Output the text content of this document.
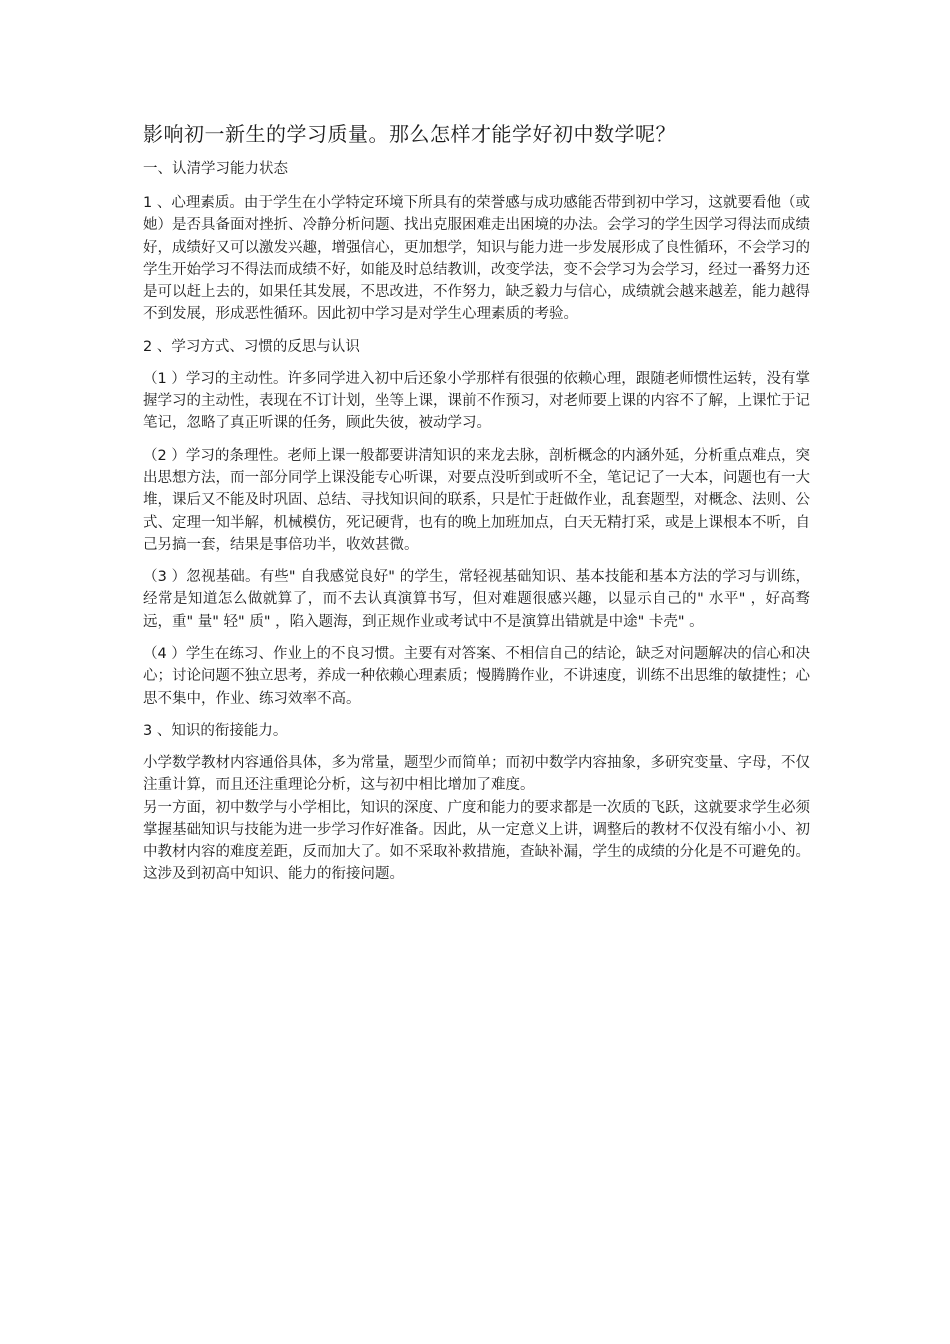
影响初一新生的学习质量。那么怎样才能学好初中数学呢？
一、认清学习能力状态
1 、心理素质。由于学生在小学特定环境下所具有的荣誉感与成功感能否带到初中学习，这就要看他（或她）是否具备面对挫折、冷静分析问题、找出克服困难走出困境的办法。会学习的学生因学习得法而成绩好，成绩好又可以激发兴趣，增强信心，更加想学，知识与能力进一步发展形成了良性循环，不会学习的学生开始学习不得法而成绩不好，如能及时总结教训，改变学法，变不会学习为会学习，经过一番努力还是可以赶上去的，如果任其发展，不思改进，不作努力，缺乏毅力与信心，成绩就会越来越差，能力越得不到发展，形成恶性循环。因此初中学习是对学生心理素质的考验。
2 、学习方式、习惯的反思与认识
（1 ）学习的主动性。许多同学进入初中后还象小学那样有很强的依赖心理，跟随老师惯性运转，没有掌握学习的主动性，表现在不订计划，坐等上课，课前不作预习，对老师要上课的内容不了解，上课忙于记笔记，忽略了真正听课的任务，顾此失彼，被动学习。
（2 ）学习的条理性。老师上课一般都要讲清知识的来龙去脉，剖析概念的内涵外延，分析重点难点，突出思想方法，而一部分同学上课没能专心听课，对要点没听到或听不全，笔记记了一大本，问题也有一大堆，课后又不能及时巩固、总结、寻找知识间的联系，只是忙于赶做作业，乱套题型，对概念、法则、公式、定理一知半解，机械模仿，死记硬背，也有的晚上加班加点，白天无精打采，或是上课根本不听，自己另搞一套，结果是事倍功半，收效甚微。
（3 ）忽视基础。有些" 自我感觉良好" 的学生，常轻视基础知识、基本技能和基本方法的学习与训练，经常是知道怎么做就算了，而不去认真演算书写，但对难题很感兴趣，以显示自己的" 水平" ，好高骛远，重" 量" 轻" 质" ，陷入题海，到正规作业或考试中不是演算出错就是中途" 卡壳" 。
（4 ）学生在练习、作业上的不良习惯。主要有对答案、不相信自己的结论，缺乏对问题解决的信心和决心；讨论问题不独立思考，养成一种依赖心理素质；慢腾腾作业，不讲速度，训练不出思维的敏捷性；心思不集中，作业、练习效率不高。
3 、知识的衔接能力。
小学数学教材内容通俗具体，多为常量，题型少而简单；而初中数学内容抽象，多研究变量、字母，不仅注重计算，而且还注重理论分析，这与初中相比增加了难度。
另一方面，初中数学与小学相比，知识的深度、广度和能力的要求都是一次质的飞跃，这就要求学生必须掌握基础知识与技能为进一步学习作好准备。因此，从一定意义上讲，调整后的教材不仅没有缩小小、初中教材内容的难度差距，反而加大了。如不采取补救措施，查缺补漏，学生的成绩的分化是不可避免的。这涉及到初高中知识、能力的衔接问题。
